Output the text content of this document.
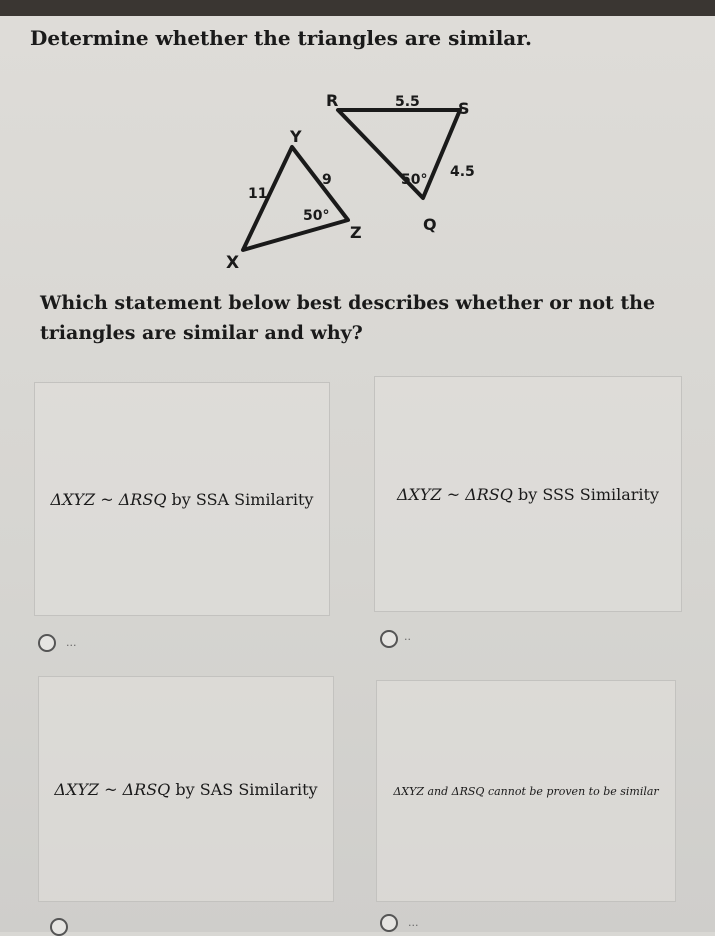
Determine whether the triangles are similar.
Y
X
Z
11
9
50°
R	S
Q
5.5
4.5
50°
Which statement below best describes whether or not the triangles are similar and why?
ΔXYZ ~ ΔRSQ by SSA Similarity	ΔXYZ ~ ΔRSQ by SSS Similarity
ΔXYZ ~ ΔRSQ by SAS Similarity	ΔXYZ and ΔRSQ cannot be proven to be similar
...	..
...
